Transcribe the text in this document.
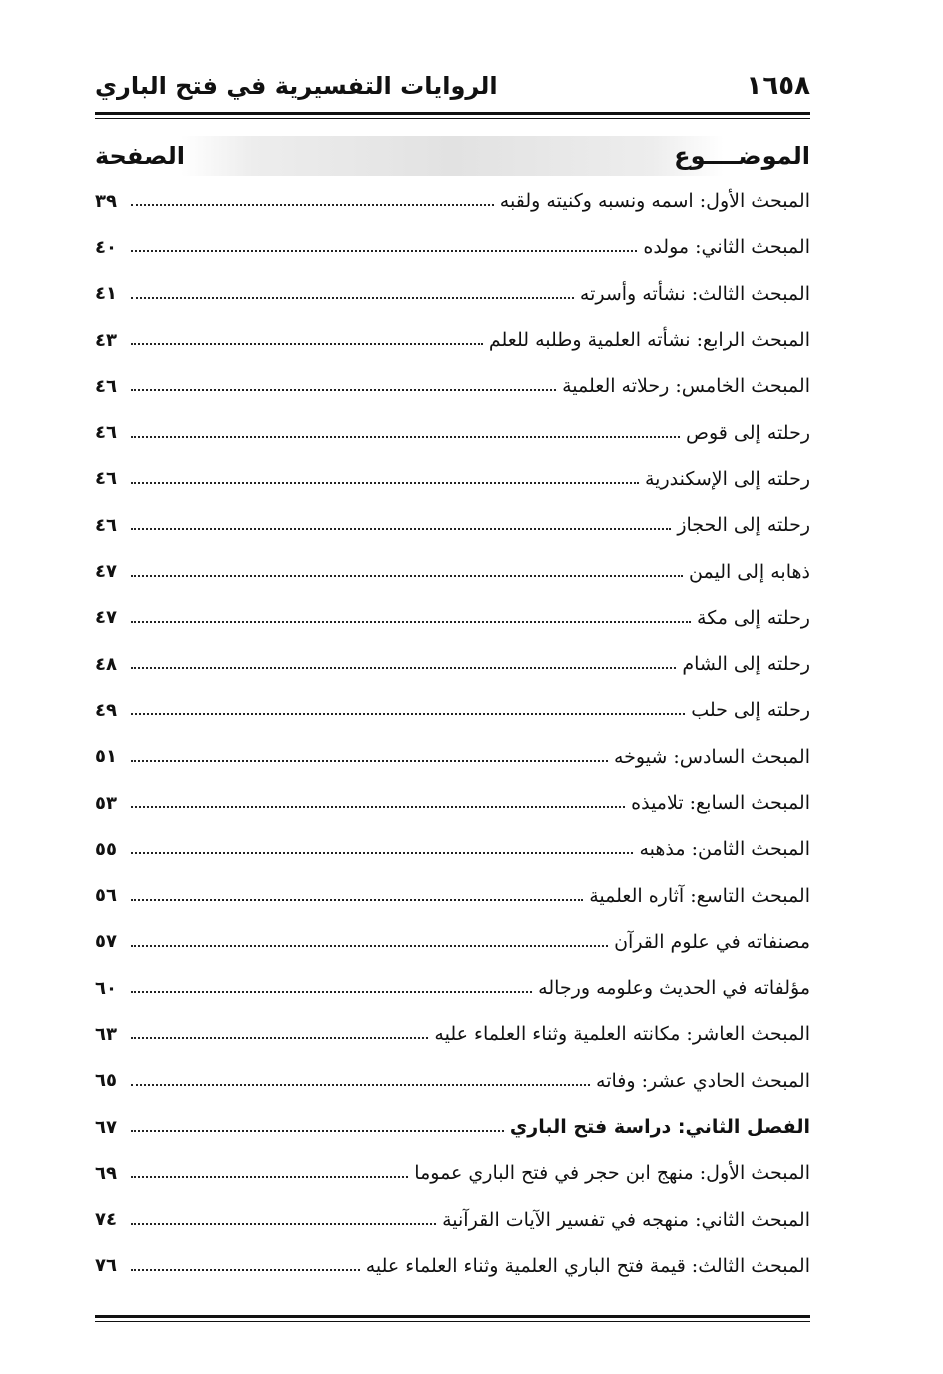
١٦٥٨
الروايات التفسيرية في فتح الباري
الموضــــوع
الصفحة
المبحث الأول: اسمه ونسبه وكنيته ولقبه
٣٩
المبحث الثاني: مولده
٤٠
المبحث الثالث: نشأته وأسرته
٤١
المبحث الرابع: نشأته العلمية وطلبه للعلم
٤٣
المبحث الخامس: رحلاته العلمية
٤٦
رحلته إلى قوص
٤٦
رحلته إلى الإسكندرية
٤٦
رحلته إلى الحجاز
٤٦
ذهابه إلى اليمن
٤٧
رحلته إلى مكة
٤٧
رحلته إلى الشام
٤٨
رحلته إلى حلب
٤٩
المبحث السادس: شيوخه
٥١
المبحث السابع: تلاميذه
٥٣
المبحث الثامن: مذهبه
٥٥
المبحث التاسع: آثاره العلمية
٥٦
مصنفاته في علوم القرآن
٥٧
مؤلفاته في الحديث وعلومه ورجاله
٦٠
المبحث العاشر: مكانته العلمية وثناء العلماء عليه
٦٣
المبحث الحادي عشر: وفاته
٦٥
الفصل الثاني: دراسة فتح الباري
٦٧
المبحث الأول: منهج ابن حجر في فتح الباري عموما
٦٩
المبحث الثاني: منهجه في تفسير الآيات القرآنية
٧٤
المبحث الثالث: قيمة فتح الباري العلمية وثناء العلماء عليه
٧٦
